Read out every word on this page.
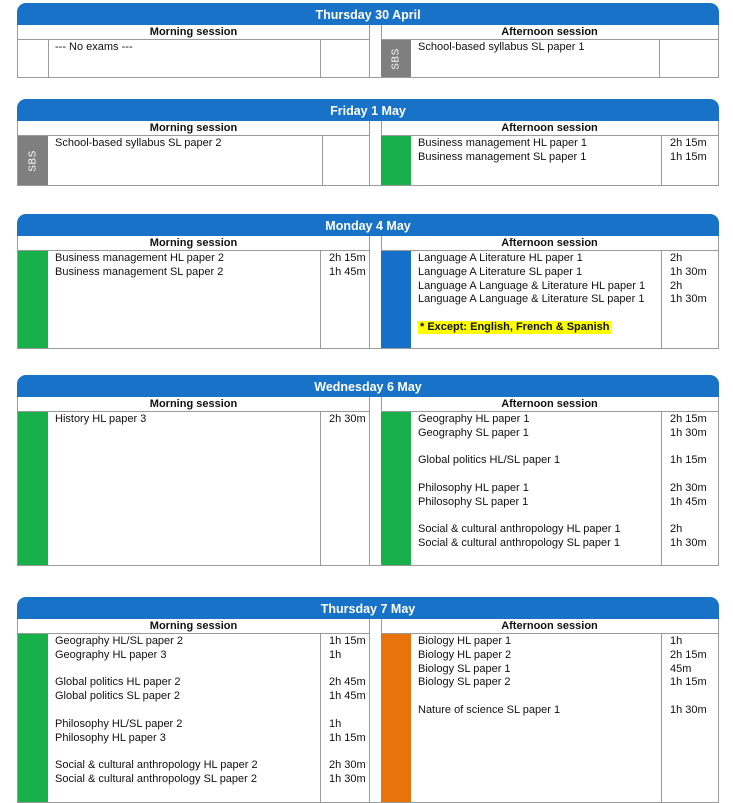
Thursday 30 April
Morning session
--- No exams ---
Afternoon session
SBS
School-based syllabus SL paper 1
Friday 1 May
Morning session
SBS
School-based syllabus SL paper 2
Afternoon session
Business management HL paper 1
Business management SL paper 1
2h 15m
1h 15m
Monday 4 May
Morning session
Business management HL paper 2
Business management SL paper 2
2h 15m
1h 45m
Afternoon session
Language A Literature HL paper 1
Language A Literature SL paper 1
Language A Language & Literature HL paper 1
Language A Language & Literature SL paper 1
* Except: English, French & Spanish
2h
1h 30m
2h
1h 30m
Wednesday 6 May
Morning session
History HL paper 3	2h 30m
Afternoon session
Geography HL paper 1
Geography SL paper 1
Global politics HL/SL paper 1
Philosophy HL paper 1
Philosophy SL paper 1
Social & cultural anthropology HL paper 1
Social & cultural anthropology SL paper 1
2h 15m
1h 30m
1h 15m
2h 30m
1h 45m
2h
1h 30m
Thursday 7 May
Morning session
Geography HL/SL paper 2
Geography HL paper 3
Global politics HL paper 2
Global politics SL paper 2
Philosophy HL/SL paper 2
Philosophy HL paper 3
Social & cultural anthropology HL paper 2
Social & cultural anthropology SL paper 2
1h 15m
1h
2h 45m
1h 45m
1h
1h 15m
2h 30m
1h 30m
Afternoon session
Biology HL paper 1
Biology HL paper 2
Biology SL paper 1
Biology SL paper 2
Nature of science SL paper 1
1h
2h 15m
45m
1h 15m
1h 30m
